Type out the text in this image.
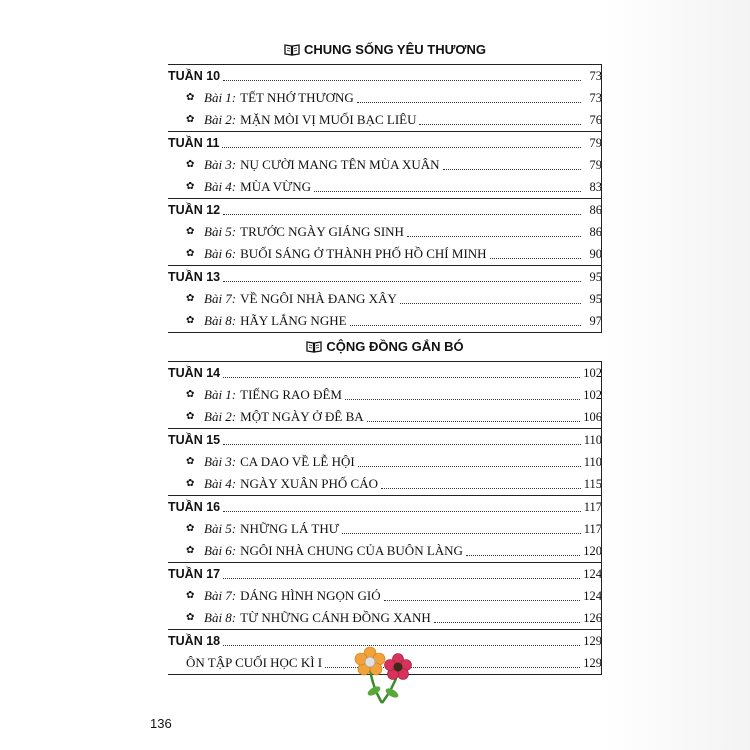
CHUNG SỐNG YÊU THƯƠNG
TUẦN 10	73
✿ Bài 1: TẾT NHỚ THƯƠNG	73
✿ Bài 2: MẶN MÒI VỊ MUỐI BẠC LIÊU	76
TUẦN 11	79
✿ Bài 3: NỤ CƯỜI MANG TÊN MÙA XUÂN	79
✿ Bài 4: MÙA VỪNG	83
TUẦN 12	86
✿ Bài 5: TRƯỚC NGÀY GIÁNG SINH	86
✿ Bài 6: BUỔI SÁNG Ở THÀNH PHỐ HỒ CHÍ MINH	90
TUẦN 13	95
✿ Bài 7: VỀ NGÔI NHÀ ĐANG XÂY	95
✿ Bài 8: HÃY LẮNG NGHE	97
CỘNG ĐỒNG GẮN BÓ
TUẦN 14	102
✿ Bài 1: TIẾNG RAO ĐÊM	102
✿ Bài 2: MỘT NGÀY Ở ĐÊ BA	106
TUẦN 15	110
✿ Bài 3: CA DAO VỀ LỄ HỘI	110
✿ Bài 4: NGÀY XUÂN PHỐ CÁO	115
TUẦN 16	117
✿ Bài 5: NHỮNG LÁ THƯ	117
✿ Bài 6: NGÔI NHÀ CHUNG CỦA BUÔN LÀNG	120
TUẦN 17	124
✿ Bài 7: DÁNG HÌNH NGỌN GIÓ	124
✿ Bài 8: TỪ NHỮNG CÁNH ĐỒNG XANH	126
TUẦN 18	129
ÔN TẬP CUỐI HỌC KÌ I	129
136
